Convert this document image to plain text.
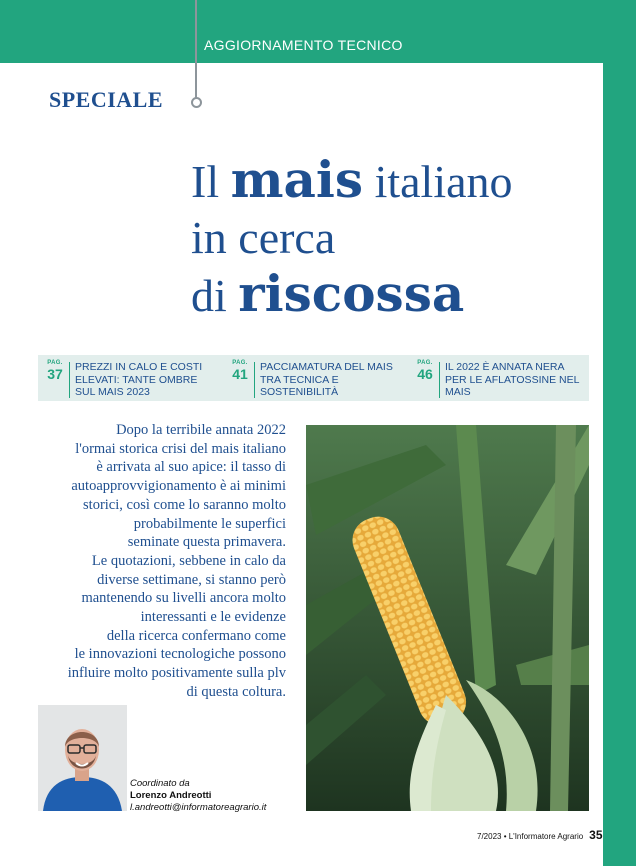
AGGIORNAMENTO TECNICO
SPECIALE
Il mais italiano
in cerca
di riscossa
PAG.
37	PREZZI IN CALO E COSTI ELEVATI: TANTE OMBRE SUL MAIS 2023
PAG.
41	PACCIAMATURA DEL MAIS TRA TECNICA E SOSTENIBILITÀ
PAG.
46	IL 2022 È ANNATA NERA PER LE AFLATOSSINE NEL MAIS
Dopo la terribile annata 2022
l'ormai storica crisi del mais italiano
è arrivata al suo apice: il tasso di
autoapprovvigionamento è ai minimi
storici, così come lo saranno molto
probabilmente le superfici
seminate questa primavera.
Le quotazioni, sebbene in calo da
diverse settimane, si stanno però
mantenendo su livelli ancora molto
interessanti e le evidenze
della ricerca confermano come
le innovazioni tecnologiche possono
influire molto positivamente sulla plv
di questa coltura.
Coordinato da
Lorenzo Andreotti
l.andreotti@informatoreagrario.it
7/2023 • L'Informatore Agrario 35
